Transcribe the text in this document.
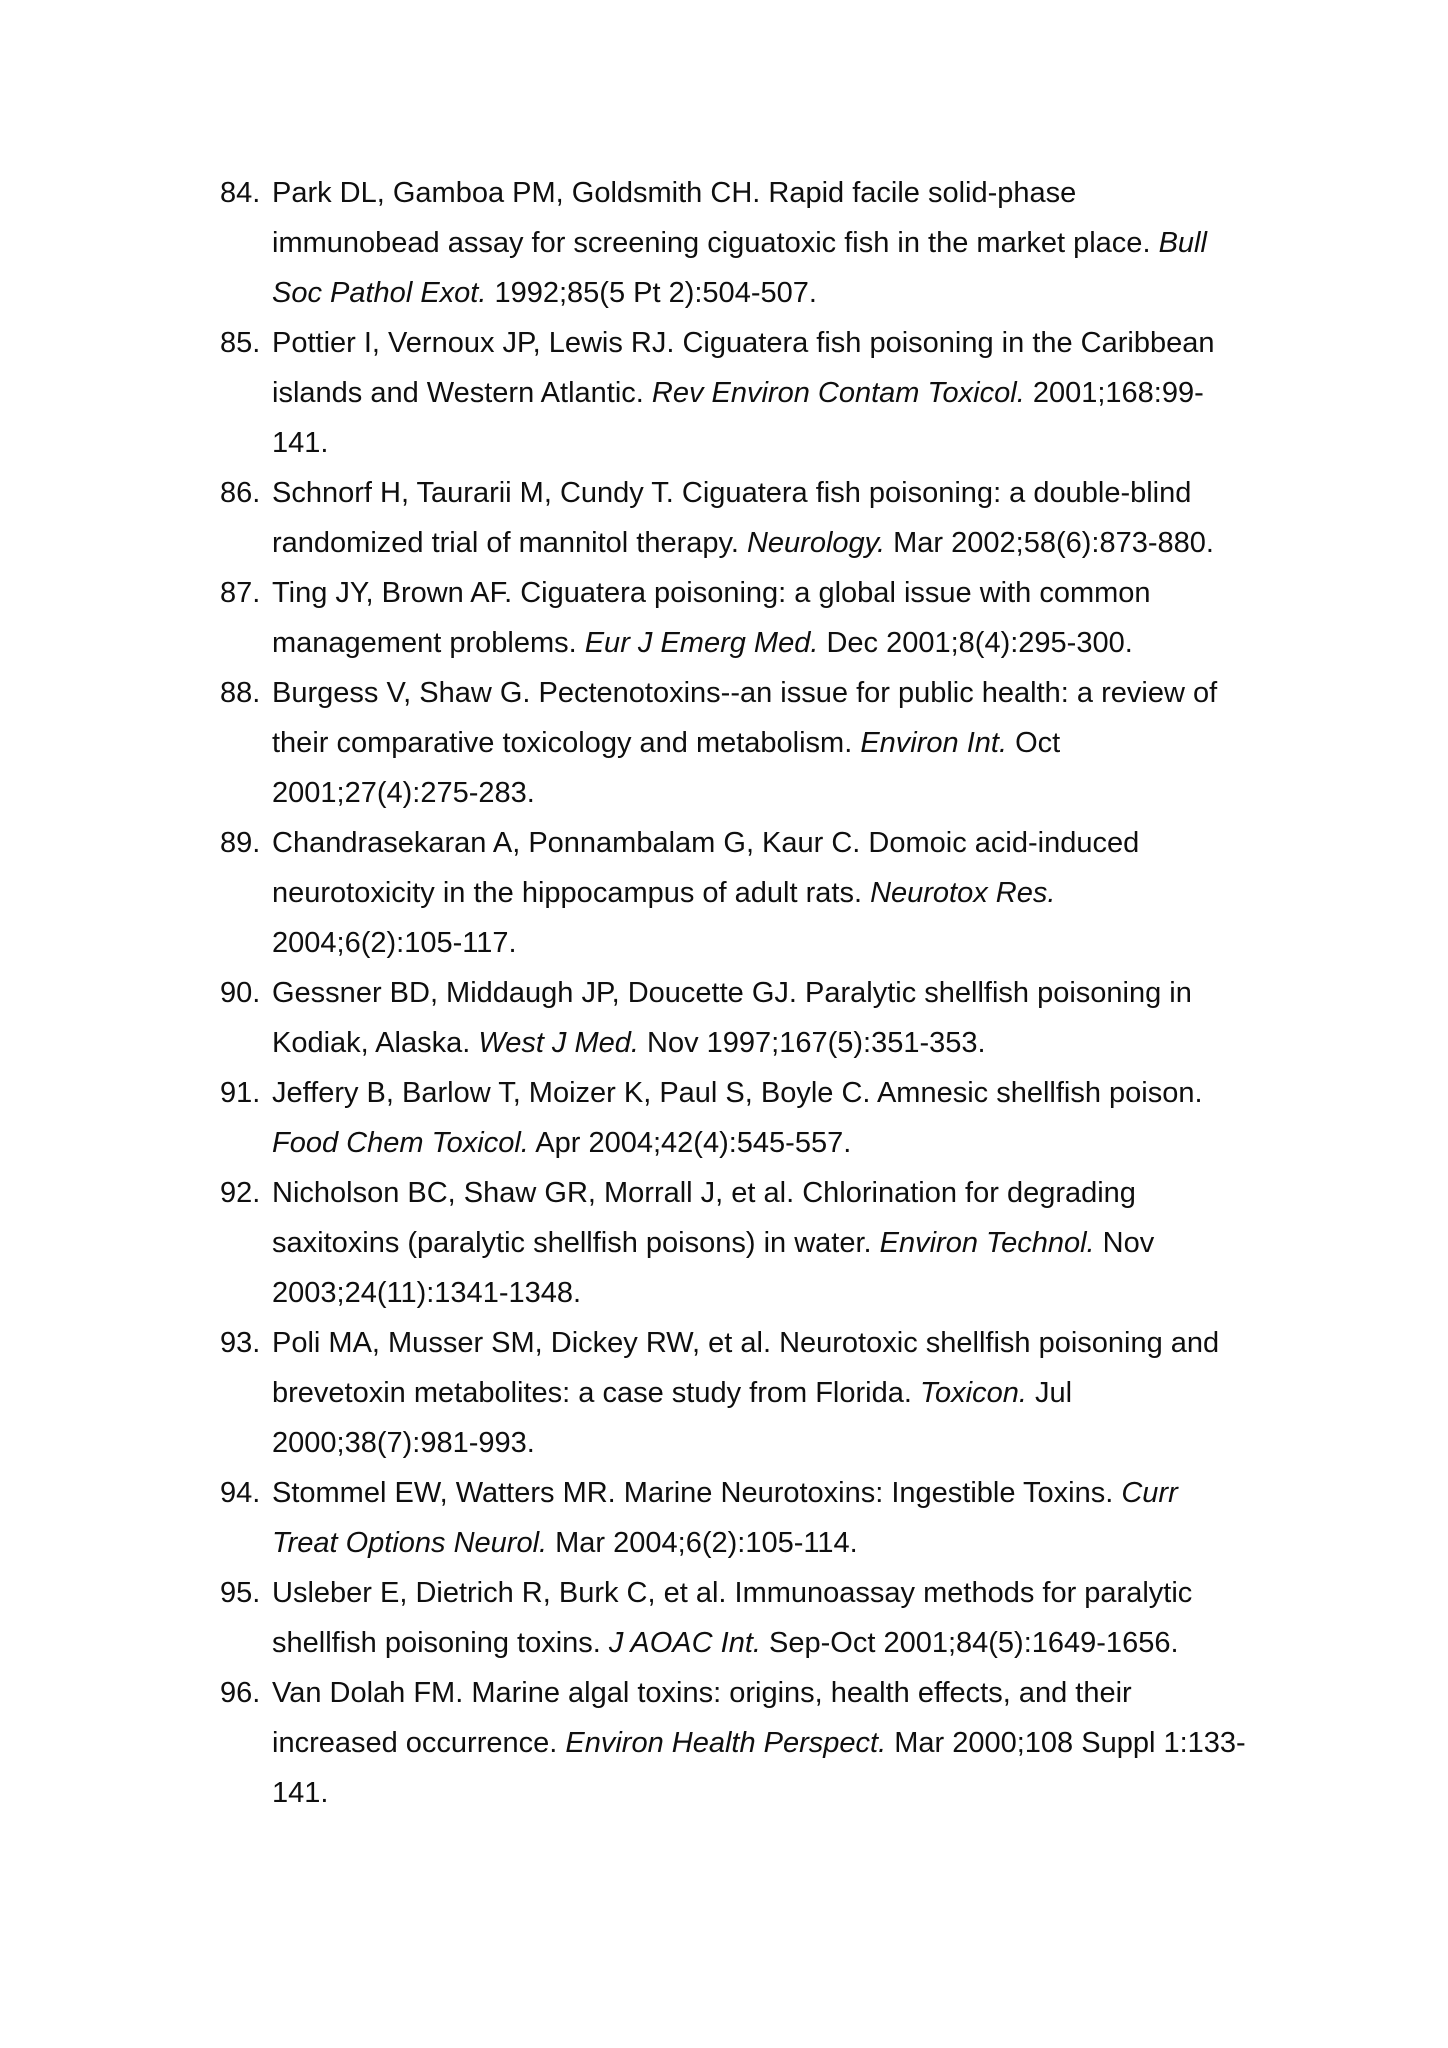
84. Park DL, Gamboa PM, Goldsmith CH. Rapid facile solid-phase immunobead assay for screening ciguatoxic fish in the market place. Bull Soc Pathol Exot. 1992;85(5 Pt 2):504-507.
85. Pottier I, Vernoux JP, Lewis RJ. Ciguatera fish poisoning in the Caribbean islands and Western Atlantic. Rev Environ Contam Toxicol. 2001;168:99-141.
86. Schnorf H, Taurarii M, Cundy T. Ciguatera fish poisoning: a double-blind randomized trial of mannitol therapy. Neurology. Mar 2002;58(6):873-880.
87. Ting JY, Brown AF. Ciguatera poisoning: a global issue with common management problems. Eur J Emerg Med. Dec 2001;8(4):295-300.
88. Burgess V, Shaw G. Pectenotoxins--an issue for public health: a review of their comparative toxicology and metabolism. Environ Int. Oct 2001;27(4):275-283.
89. Chandrasekaran A, Ponnambalam G, Kaur C. Domoic acid-induced neurotoxicity in the hippocampus of adult rats. Neurotox Res. 2004;6(2):105-117.
90. Gessner BD, Middaugh JP, Doucette GJ. Paralytic shellfish poisoning in Kodiak, Alaska. West J Med. Nov 1997;167(5):351-353.
91. Jeffery B, Barlow T, Moizer K, Paul S, Boyle C. Amnesic shellfish poison. Food Chem Toxicol. Apr 2004;42(4):545-557.
92. Nicholson BC, Shaw GR, Morrall J, et al. Chlorination for degrading saxitoxins (paralytic shellfish poisons) in water. Environ Technol. Nov 2003;24(11):1341-1348.
93. Poli MA, Musser SM, Dickey RW, et al. Neurotoxic shellfish poisoning and brevetoxin metabolites: a case study from Florida. Toxicon. Jul 2000;38(7):981-993.
94. Stommel EW, Watters MR. Marine Neurotoxins: Ingestible Toxins. Curr Treat Options Neurol. Mar 2004;6(2):105-114.
95. Usleber E, Dietrich R, Burk C, et al. Immunoassay methods for paralytic shellfish poisoning toxins. J AOAC Int. Sep-Oct 2001;84(5):1649-1656.
96. Van Dolah FM. Marine algal toxins: origins, health effects, and their increased occurrence. Environ Health Perspect. Mar 2000;108 Suppl 1:133-141.
